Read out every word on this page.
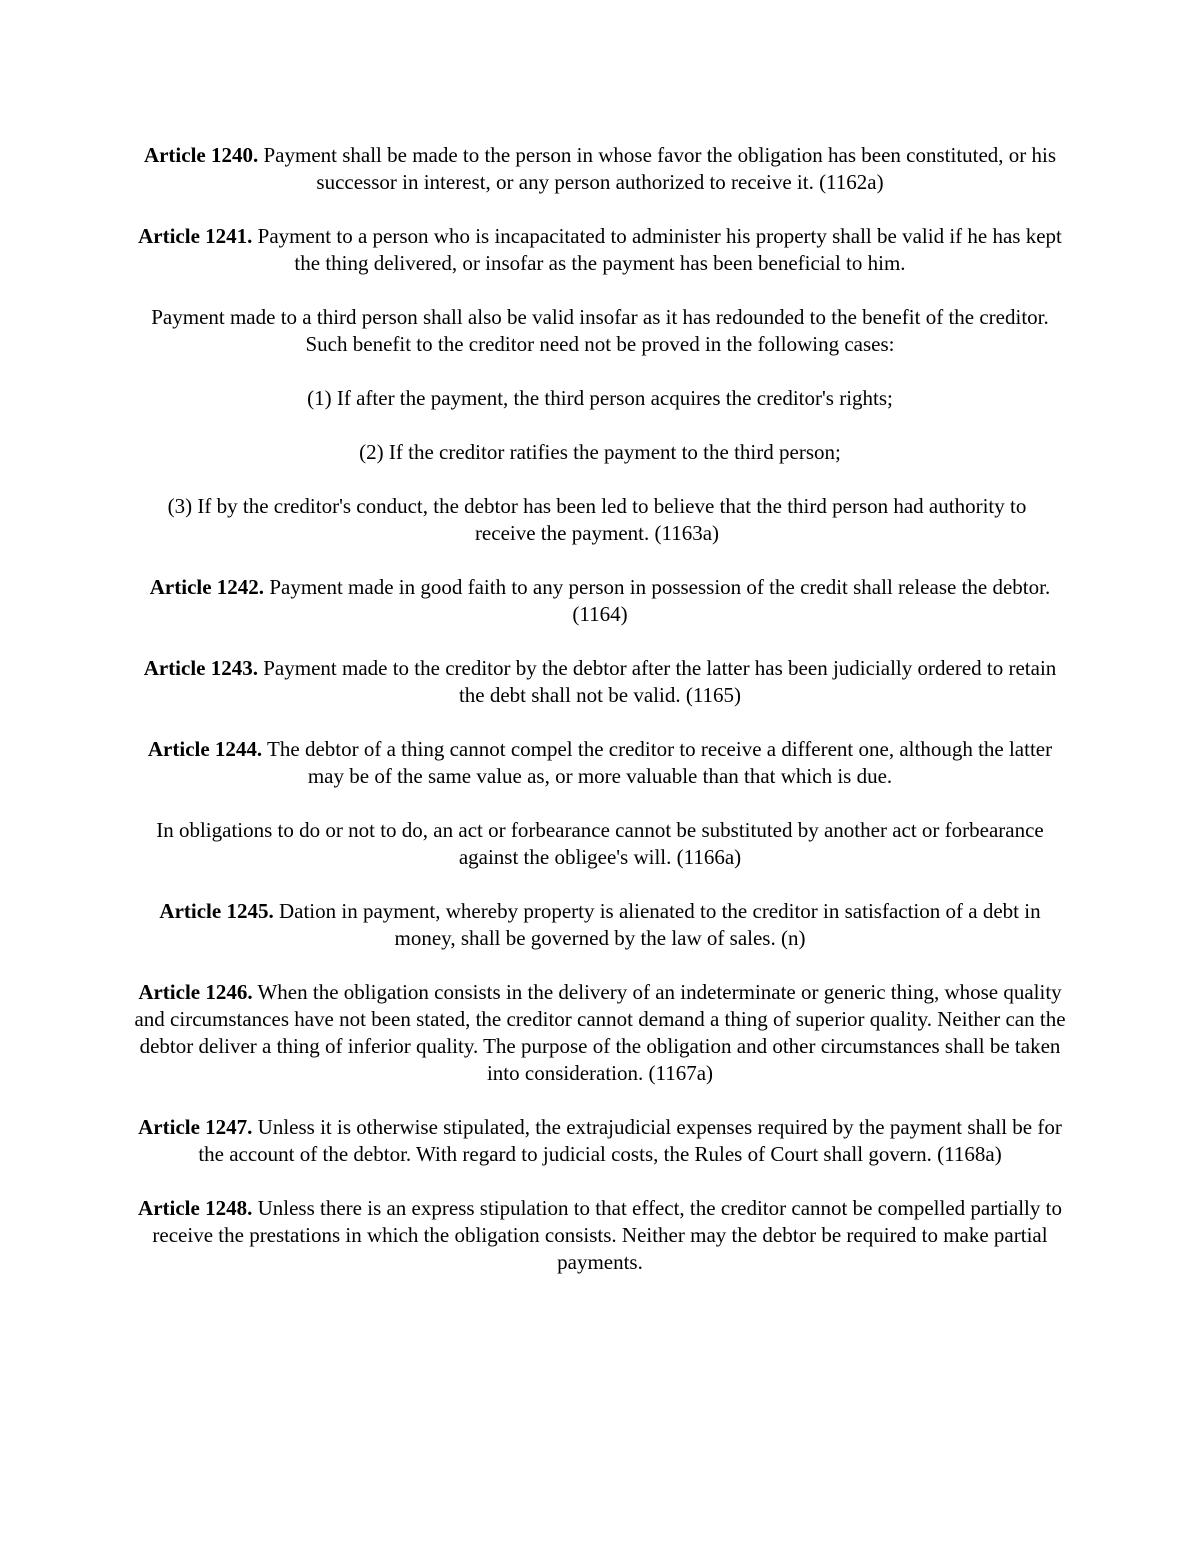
Article 1240. Payment shall be made to the person in whose favor the obligation has been constituted, or his successor in interest, or any person authorized to receive it. (1162a)

Article 1241. Payment to a person who is incapacitated to administer his property shall be valid if he has kept the thing delivered, or insofar as the payment has been beneficial to him.

Payment made to a third person shall also be valid insofar as it has redounded to the benefit of the creditor. Such benefit to the creditor need not be proved in the following cases:

(1) If after the payment, the third person acquires the creditor's rights;

(2) If the creditor ratifies the payment to the third person;

(3) If by the creditor's conduct, the debtor has been led to believe that the third person had authority to receive the payment. (1163a)

Article 1242. Payment made in good faith to any person in possession of the credit shall release the debtor. (1164)

Article 1243. Payment made to the creditor by the debtor after the latter has been judicially ordered to retain the debt shall not be valid. (1165)

Article 1244. The debtor of a thing cannot compel the creditor to receive a different one, although the latter may be of the same value as, or more valuable than that which is due.

In obligations to do or not to do, an act or forbearance cannot be substituted by another act or forbearance against the obligee's will. (1166a)

Article 1245. Dation in payment, whereby property is alienated to the creditor in satisfaction of a debt in money, shall be governed by the law of sales. (n)

Article 1246. When the obligation consists in the delivery of an indeterminate or generic thing, whose quality and circumstances have not been stated, the creditor cannot demand a thing of superior quality. Neither can the debtor deliver a thing of inferior quality. The purpose of the obligation and other circumstances shall be taken into consideration. (1167a)

Article 1247. Unless it is otherwise stipulated, the extrajudicial expenses required by the payment shall be for the account of the debtor. With regard to judicial costs, the Rules of Court shall govern. (1168a)

Article 1248. Unless there is an express stipulation to that effect, the creditor cannot be compelled partially to receive the prestations in which the obligation consists. Neither may the debtor be required to make partial payments.
